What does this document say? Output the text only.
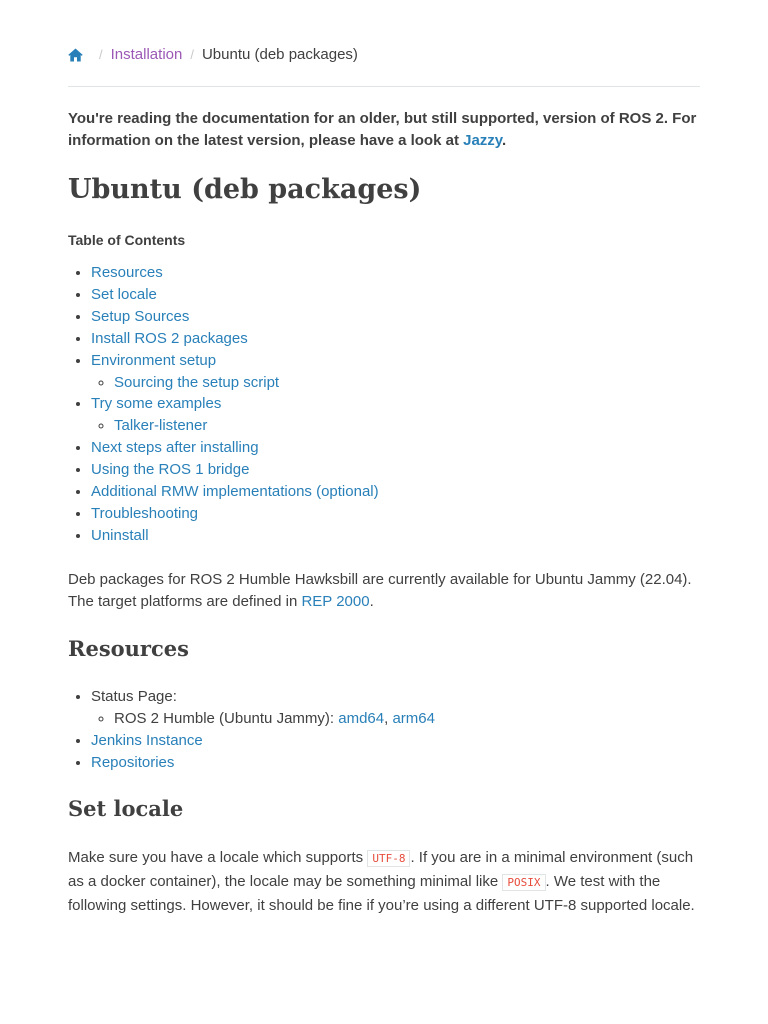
/ Installation / Ubuntu (deb packages)
You're reading the documentation for an older, but still supported, version of ROS 2. For information on the latest version, please have a look at Jazzy.
Ubuntu (deb packages)
Table of Contents
• Resources
• Set locale
• Setup Sources
• Install ROS 2 packages
• Environment setup
◦ Sourcing the setup script
• Try some examples
◦ Talker-listener
• Next steps after installing
• Using the ROS 1 bridge
• Additional RMW implementations (optional)
• Troubleshooting
• Uninstall

Deb packages for ROS 2 Humble Hawksbill are currently available for Ubuntu Jammy (22.04). The target platforms are defined in REP 2000.

Resources
• Status Page:
◦ ROS 2 Humble (Ubuntu Jammy): amd64, arm64
• Jenkins Instance
• Repositories
Set locale

Make sure you have a locale which supports UTF-8 . If you are in a minimal environment (such as a docker container), the locale may be something minimal like POSIX . We test with the following settings. However, it should be fine if you’re using a different UTF-8 supported locale.
